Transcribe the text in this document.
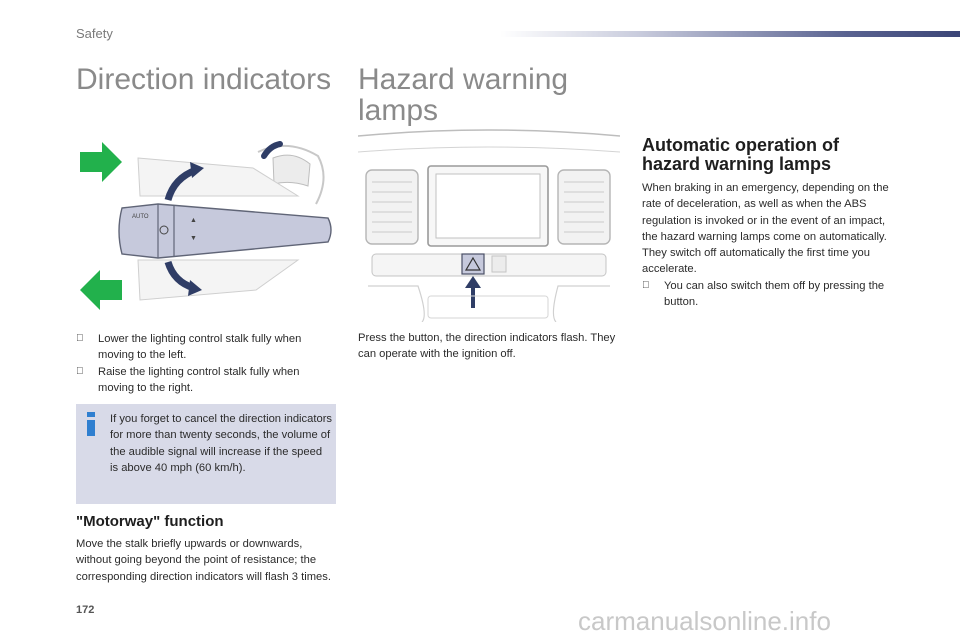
Safety
Direction indicators Hazard warning lamps
AUTO	▲
▼
Lower the lighting control stalk fully when moving to the left.
Raise the lighting control stalk fully when moving to the right.
If you forget to cancel the direction indicators for more than twenty seconds, the volume of the audible signal will increase if the speed is above 40 mph (60 km/h).
"Motorway" function
Move the stalk briefly upwards or downwards, without going beyond the point of resistance; the corresponding direction indicators will flash 3 times.
Press the button, the direction indicators flash. They can operate with the ignition off.
Automatic operation of hazard warning lamps
When braking in an emergency, depending on the rate of deceleration, as well as when the ABS regulation is invoked or in the event of an impact, the hazard warning lamps come on automatically.
They switch off automatically the first time you accelerate.
You can also switch them off by pressing the button.
172	carmanualsonline.info
